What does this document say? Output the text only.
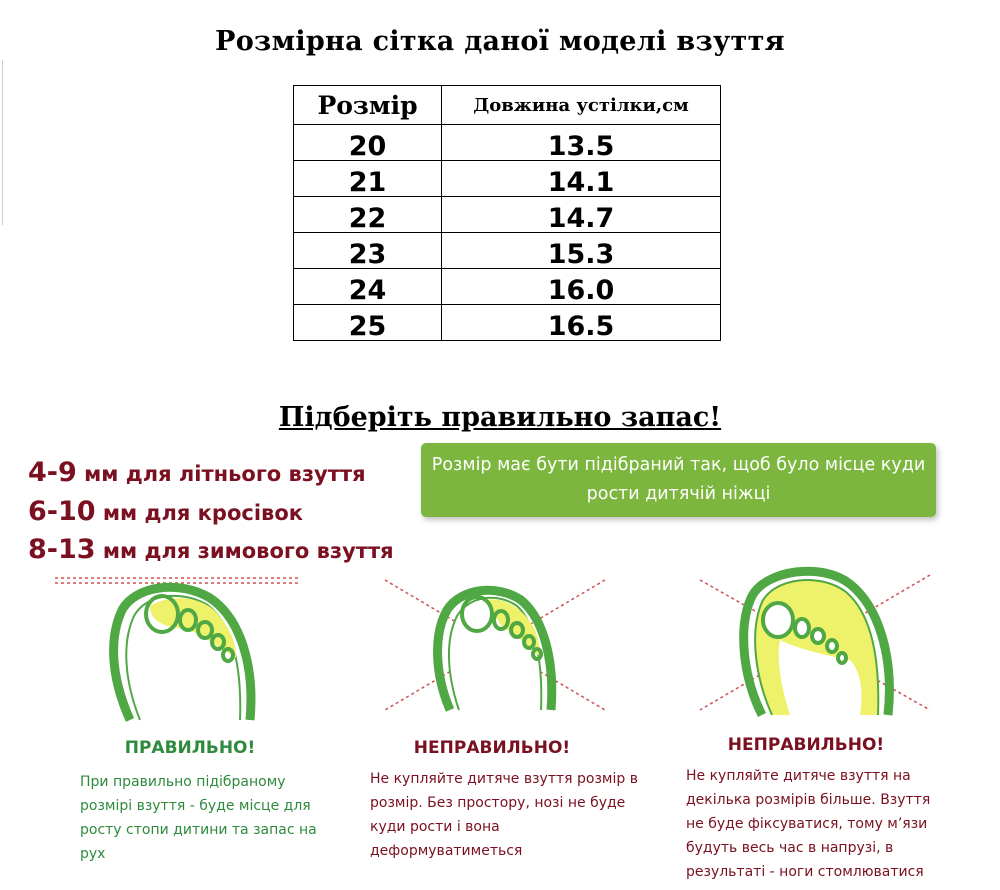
Розмірна сітка даної моделі взуття
Розмір	Довжина устілки,см
20	13.5
21	14.1
22	14.7
23	15.3
24	16.0
25	16.5
Підберіть правильно запас!
4-9 мм для літнього взуття
6-10 мм для кросівок
8-13 мм для зимового взуття
Розмір має бути підібраний так, щоб було місце куди рости дитячій ніжці
ПРАВИЛЬНО!	НЕПРАВИЛЬНО!	НЕПРАВИЛЬНО!
При правильно підібраному розмірі взуття - буде місце для росту стопи дитини та запас на рух
Не купляйте дитяче взуття розмір в розмір. Без простору, нозі не буде куди рости і вона деформуватиметься
Не купляйте дитяче взуття на декілька розмірів більше. Взуття не буде фіксуватися, тому м’язи будуть весь час в напрузі, в результаті - ноги стомлюватися
